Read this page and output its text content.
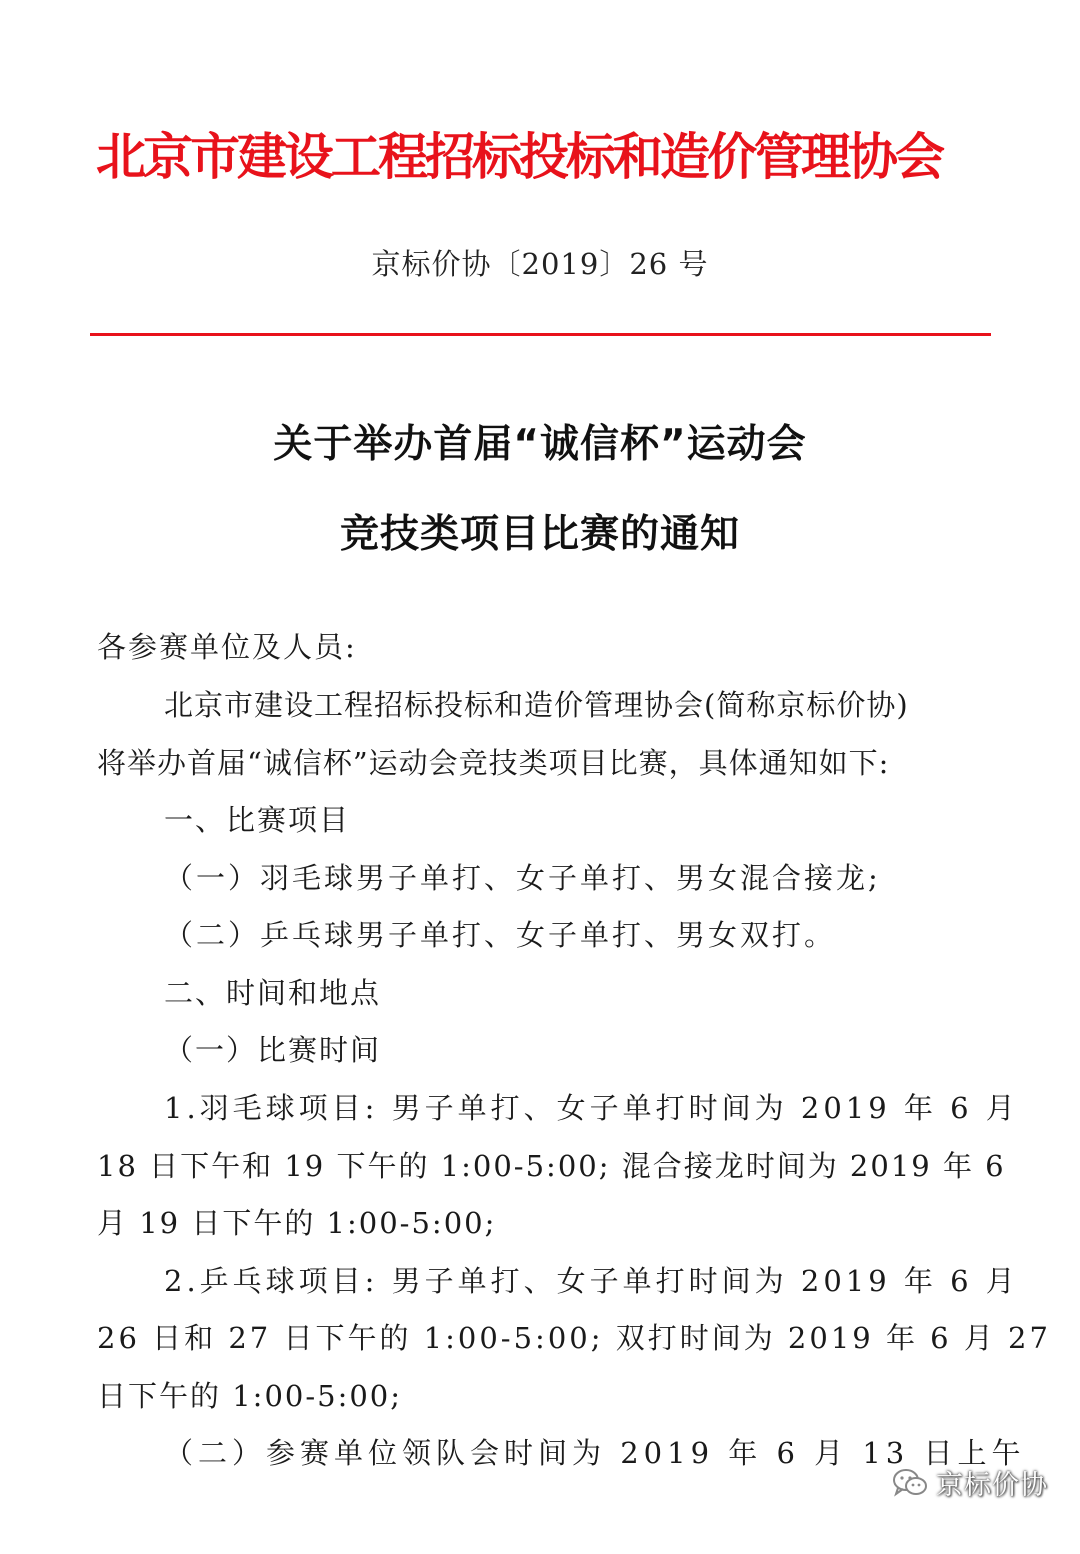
北京市建设工程招标投标和造价管理协会
京标价协〔2019〕26 号
关于举办首届“诚信杯”运动会
竞技类项目比赛的通知
各参赛单位及人员:
北京市建设工程招标投标和造价管理协会(简称京标价协)
将举办首届“诚信杯”运动会竞技类项目比赛，具体通知如下:
一、比赛项目
（一）羽毛球男子单打、女子单打、男女混合接龙;
（二）乒乓球男子单打、女子单打、男女双打。
二、时间和地点
（一）比赛时间
1.羽毛球项目: 男子单打、女子单打时间为 2019 年 6 月
18 日下午和 19 下午的 1:00-5:00; 混合接龙时间为 2019 年 6
月 19 日下午的 1:00-5:00;
2.乒乓球项目: 男子单打、女子单打时间为 2019 年 6 月
26 日和 27 日下午的 1:00-5:00; 双打时间为 2019 年 6 月 27
日下午的 1:00-5:00;
（二）参赛单位领队会时间为 2019 年 6 月 13 日上午
京标价协
